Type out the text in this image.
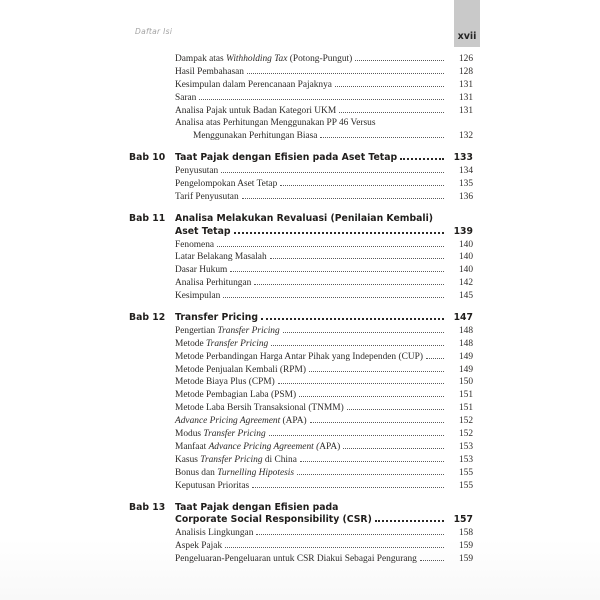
Daftar Isi	xvii
Dampak atas Withholding Tax (Potong-Pungut)	126
Hasil Pembahasan	128
Kesimpulan dalam Perencanaan Pajaknya	131
Saran	131
Analisa Pajak untuk Badan Kategori UKM	131
Analisa atas Perhitungan Menggunakan PP 46 Versus
Menggunakan Perhitungan Biasa	132
Bab 10	Taat Pajak dengan Efisien pada Aset Tetap	133
Penyusutan	134
Pengelompokan Aset Tetap	135
Tarif Penyusutan	136
Bab 11	Analisa Melakukan Revaluasi (Penilaian Kembali)
Aset Tetap	139
Fenomena	140
Latar Belakang Masalah	140
Dasar Hukum	140
Analisa Perhitungan	142
Kesimpulan	145
Bab 12	Transfer Pricing	147
Pengertian Transfer Pricing	148
Metode Transfer Pricing	148
Metode Perbandingan Harga Antar Pihak yang Independen (CUP)	149
Metode Penjualan Kembali (RPM)	149
Metode Biaya Plus (CPM)	150
Metode Pembagian Laba (PSM)	151
Metode Laba Bersih Transaksional (TNMM)	151
Advance Pricing Agreement (APA)	152
Modus Transfer Pricing	152
Manfaat Advance Pricing Agreement (APA)	153
Kasus Transfer Pricing di China	153
Bonus dan Turnelling Hipotesis	155
Keputusan Prioritas	155
Bab 13	Taat Pajak dengan Efisien pada
Corporate Social Responsibility (CSR)	157
Analisis Lingkungan	158
Aspek Pajak	159
Pengeluaran-Pengeluaran untuk CSR Diakui Sebagai Pengurang	159
